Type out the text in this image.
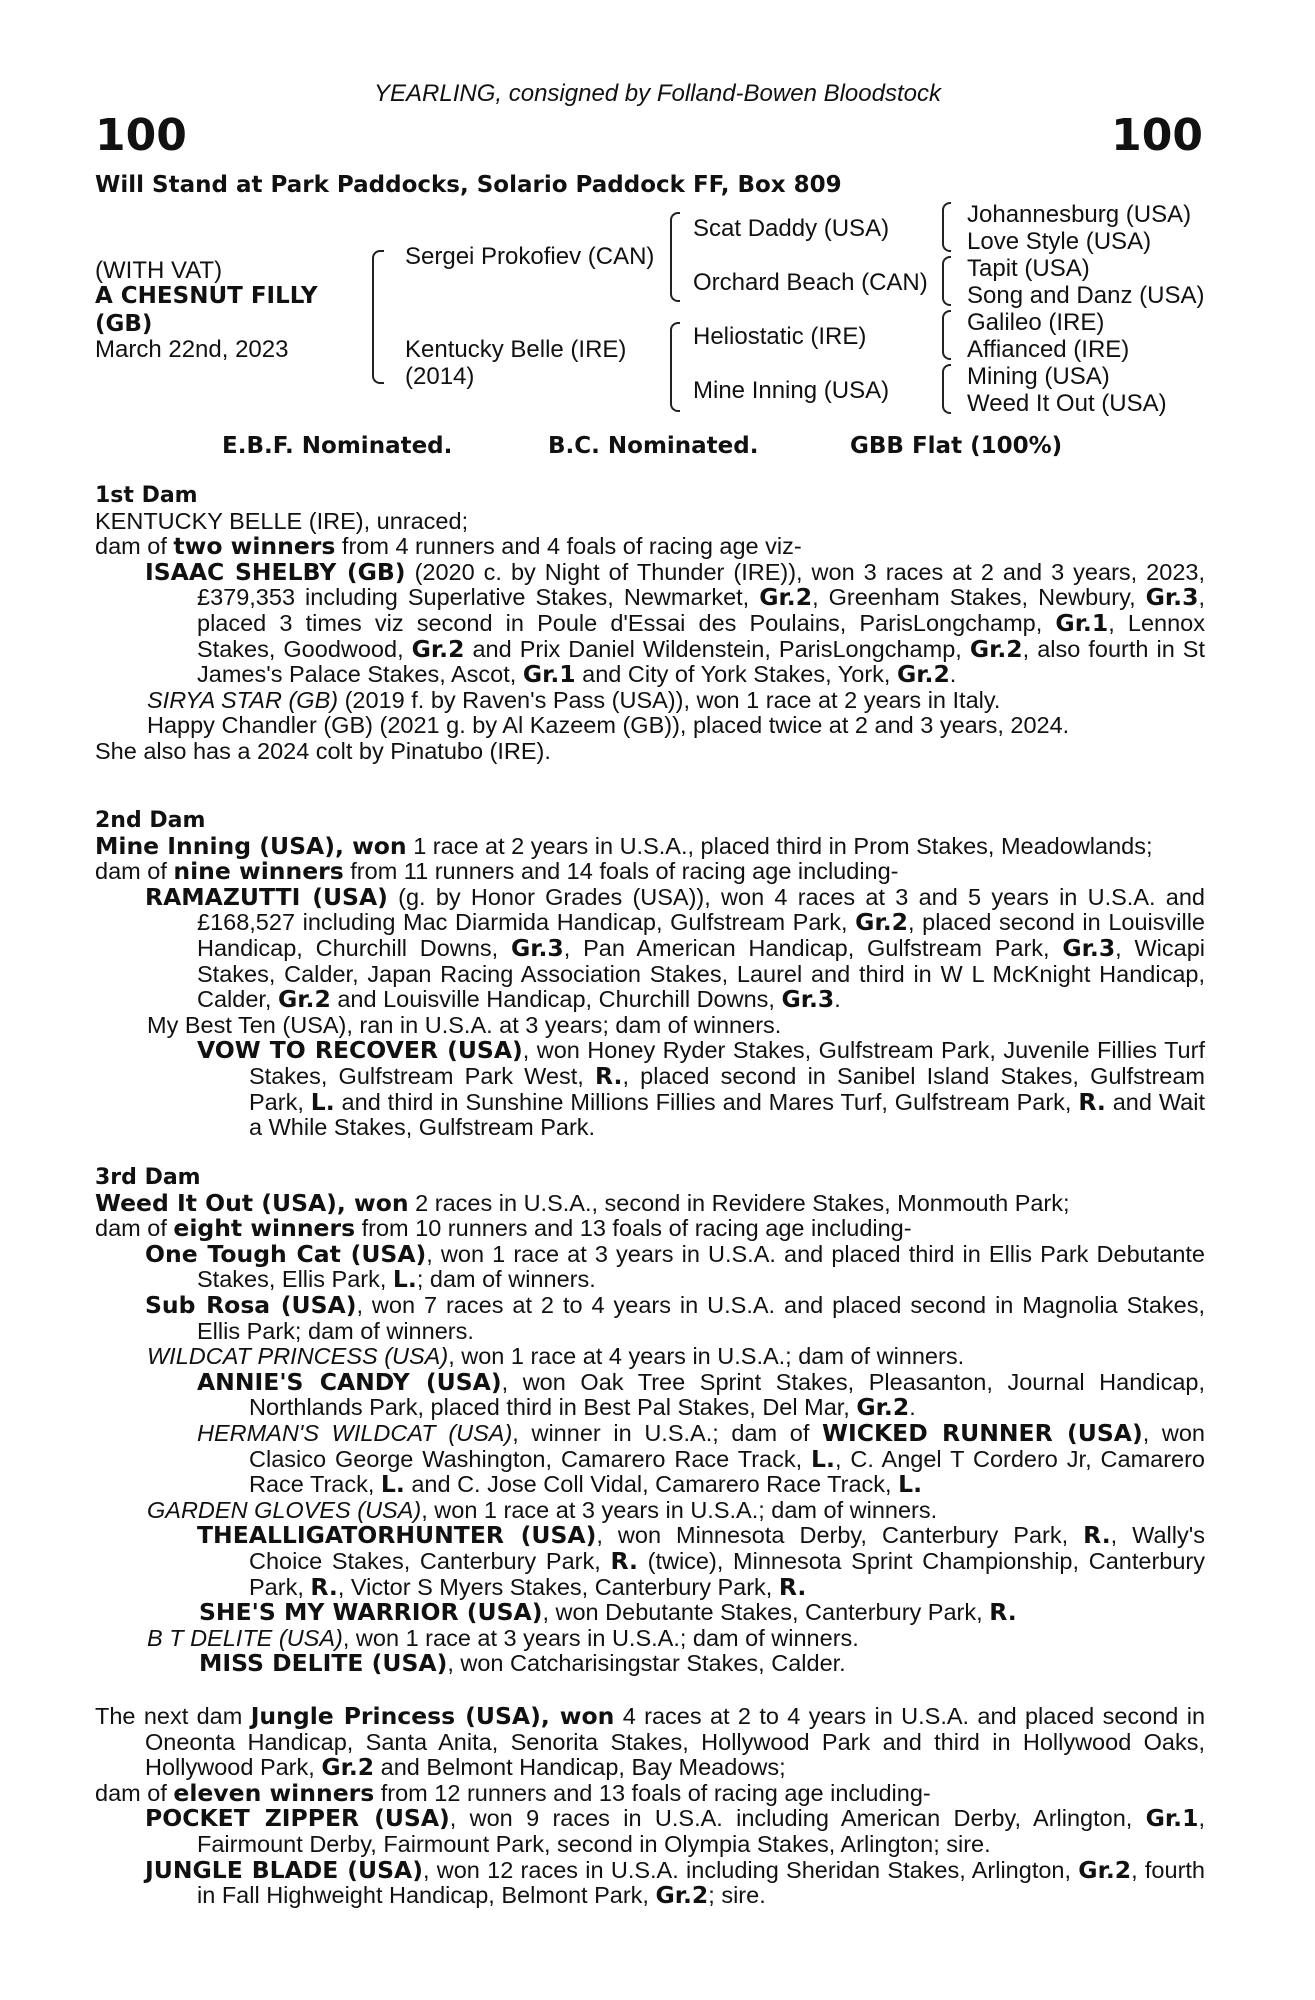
YEARLING, consigned by Folland-Bowen Bloodstock
100	100
Will Stand at Park Paddocks, Solario Paddock FF, Box 809
(WITH VAT)
A CHESNUT FILLY
(GB)
March 22nd, 2023
Sergei Prokofiev (CAN)
Kentucky Belle (IRE)
(2014)
Scat Daddy (USA)
Orchard Beach (CAN)
Heliostatic (IRE)
Mine Inning (USA)
Johannesburg (USA)
Love Style (USA)
Tapit (USA)
Song and Danz (USA)
Galileo (IRE)
Affianced (IRE)
Mining (USA)
Weed It Out (USA)
E.B.F. Nominated.	B.C. Nominated.	GBB Flat (100%)
1st Dam
KENTUCKY BELLE (IRE), unraced;
dam of two winners from 4 runners and 4 foals of racing age viz-
ISAAC SHELBY (GB) (2020 c. by Night of Thunder (IRE)), won 3 races at 2 and 3 years, 2023, £379,353 including Superlative Stakes, Newmarket, Gr.2, Greenham Stakes, Newbury, Gr.3, placed 3 times viz second in Poule d'Essai des Poulains, ParisLongchamp, Gr.1, Lennox Stakes, Goodwood, Gr.2 and Prix Daniel Wildenstein, ParisLongchamp, Gr.2, also fourth in St James's Palace Stakes, Ascot, Gr.1 and City of York Stakes, York, Gr.2.
SIRYA STAR (GB) (2019 f. by Raven's Pass (USA)), won 1 race at 2 years in Italy.
Happy Chandler (GB) (2021 g. by Al Kazeem (GB)), placed twice at 2 and 3 years, 2024.
She also has a 2024 colt by Pinatubo (IRE).
2nd Dam
Mine Inning (USA), won 1 race at 2 years in U.S.A., placed third in Prom Stakes, Meadowlands;
dam of nine winners from 11 runners and 14 foals of racing age including-
RAMAZUTTI (USA) (g. by Honor Grades (USA)), won 4 races at 3 and 5 years in U.S.A. and £168,527 including Mac Diarmida Handicap, Gulfstream Park, Gr.2, placed second in Louisville Handicap, Churchill Downs, Gr.3, Pan American Handicap, Gulfstream Park, Gr.3, Wicapi Stakes, Calder, Japan Racing Association Stakes, Laurel and third in W L McKnight Handicap, Calder, Gr.2 and Louisville Handicap, Churchill Downs, Gr.3.
My Best Ten (USA), ran in U.S.A. at 3 years; dam of winners.
VOW TO RECOVER (USA), won Honey Ryder Stakes, Gulfstream Park, Juvenile Fillies Turf Stakes, Gulfstream Park West, R., placed second in Sanibel Island Stakes, Gulfstream Park, L. and third in Sunshine Millions Fillies and Mares Turf, Gulfstream Park, R. and Wait a While Stakes, Gulfstream Park.
3rd Dam
Weed It Out (USA), won 2 races in U.S.A., second in Revidere Stakes, Monmouth Park;
dam of eight winners from 10 runners and 13 foals of racing age including-
One Tough Cat (USA), won 1 race at 3 years in U.S.A. and placed third in Ellis Park Debutante Stakes, Ellis Park, L.; dam of winners.
Sub Rosa (USA), won 7 races at 2 to 4 years in U.S.A. and placed second in Magnolia Stakes, Ellis Park; dam of winners.
WILDCAT PRINCESS (USA), won 1 race at 4 years in U.S.A.; dam of winners.
ANNIE'S CANDY (USA), won Oak Tree Sprint Stakes, Pleasanton, Journal Handicap, Northlands Park, placed third in Best Pal Stakes, Del Mar, Gr.2.
HERMAN'S WILDCAT (USA), winner in U.S.A.; dam of WICKED RUNNER (USA), won Clasico George Washington, Camarero Race Track, L., C. Angel T Cordero Jr, Camarero Race Track, L. and C. Jose Coll Vidal, Camarero Race Track, L.
GARDEN GLOVES (USA), won 1 race at 3 years in U.S.A.; dam of winners.
THEALLIGATORHUNTER (USA), won Minnesota Derby, Canterbury Park, R., Wally's Choice Stakes, Canterbury Park, R. (twice), Minnesota Sprint Championship, Canterbury Park, R., Victor S Myers Stakes, Canterbury Park, R.
SHE'S MY WARRIOR (USA), won Debutante Stakes, Canterbury Park, R.
B T DELITE (USA), won 1 race at 3 years in U.S.A.; dam of winners.
MISS DELITE (USA), won Catcharisingstar Stakes, Calder.
The next dam Jungle Princess (USA), won 4 races at 2 to 4 years in U.S.A. and placed second in Oneonta Handicap, Santa Anita, Senorita Stakes, Hollywood Park and third in Hollywood Oaks, Hollywood Park, Gr.2 and Belmont Handicap, Bay Meadows;
dam of eleven winners from 12 runners and 13 foals of racing age including-
POCKET ZIPPER (USA), won 9 races in U.S.A. including American Derby, Arlington, Gr.1, Fairmount Derby, Fairmount Park, second in Olympia Stakes, Arlington; sire.
JUNGLE BLADE (USA), won 12 races in U.S.A. including Sheridan Stakes, Arlington, Gr.2, fourth in Fall Highweight Handicap, Belmont Park, Gr.2; sire.
